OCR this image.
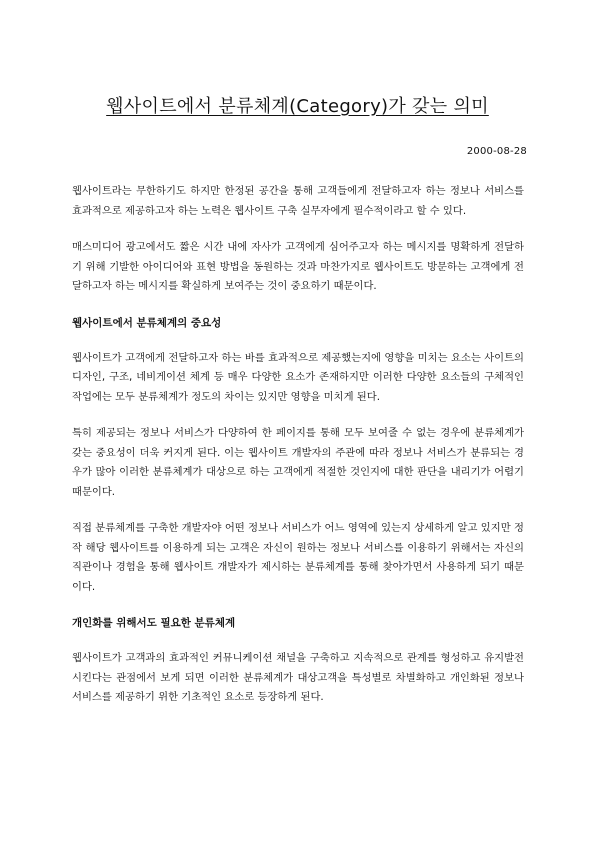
웹사이트에서 분류체계(Category)가 갖는 의미
2000-08-28

웹사이트라는 무한하기도 하지만 한정된 공간을 통해 고객들에게 전달하고자 하는 정보나 서비스를 효과적으로 제공하고자 하는 노력은 웹사이트 구축 실무자에게 필수적이라고 할 수 있다.

매스미디어 광고에서도 짧은 시간 내에 자사가 고객에게 심어주고자 하는 메시지를 명확하게 전달하기 위해 기발한 아이디어와 표현 방법을 동원하는 것과 마찬가지로 웹사이트도 방문하는 고객에게 전달하고자 하는 메시지를 확실하게 보여주는 것이 중요하기 때문이다.

웹사이트에서 분류체계의 중요성

웹사이트가 고객에게 전달하고자 하는 바를 효과적으로 제공했는지에 영향을 미치는 요소는 사이트의 디자인, 구조, 네비게이션 체계 등 매우 다양한 요소가 존재하지만 이러한 다양한 요소들의 구체적인 작업에는 모두 분류체계가 정도의 차이는 있지만 영향을 미치게 된다.

특히 제공되는 정보나 서비스가 다양하여 한 페이지를 통해 모두 보여줄 수 없는 경우에 분류체계가 갖는 중요성이 더욱 커지게 된다. 이는 웹사이트 개발자의 주관에 따라 정보나 서비스가 분류되는 경우가 많아 이러한 분류체계가 대상으로 하는 고객에게 적절한 것인지에 대한 판단을 내리기가 어렵기 때문이다.

직접 분류체계를 구축한 개발자야 어떤 정보나 서비스가 어느 영역에 있는지 상세하게 알고 있지만 정작 해당 웹사이트를 이용하게 되는 고객은 자신이 원하는 정보나 서비스를 이용하기 위해서는 자신의 직관이나 경험을 통해 웹사이트 개발자가 제시하는 분류체계를 통해 찾아가면서 사용하게 되기 때문이다.

개인화를 위해서도 필요한 분류체계

웹사이트가 고객과의 효과적인 커뮤니케이션 채널을 구축하고 지속적으로 관계를 형성하고 유지발전 시킨다는 관점에서 보게 되면 이러한 분류체계가 대상고객을 특성별로 차별화하고 개인화된 정보나 서비스를 제공하기 위한 기초적인 요소로 등장하게 된다.
